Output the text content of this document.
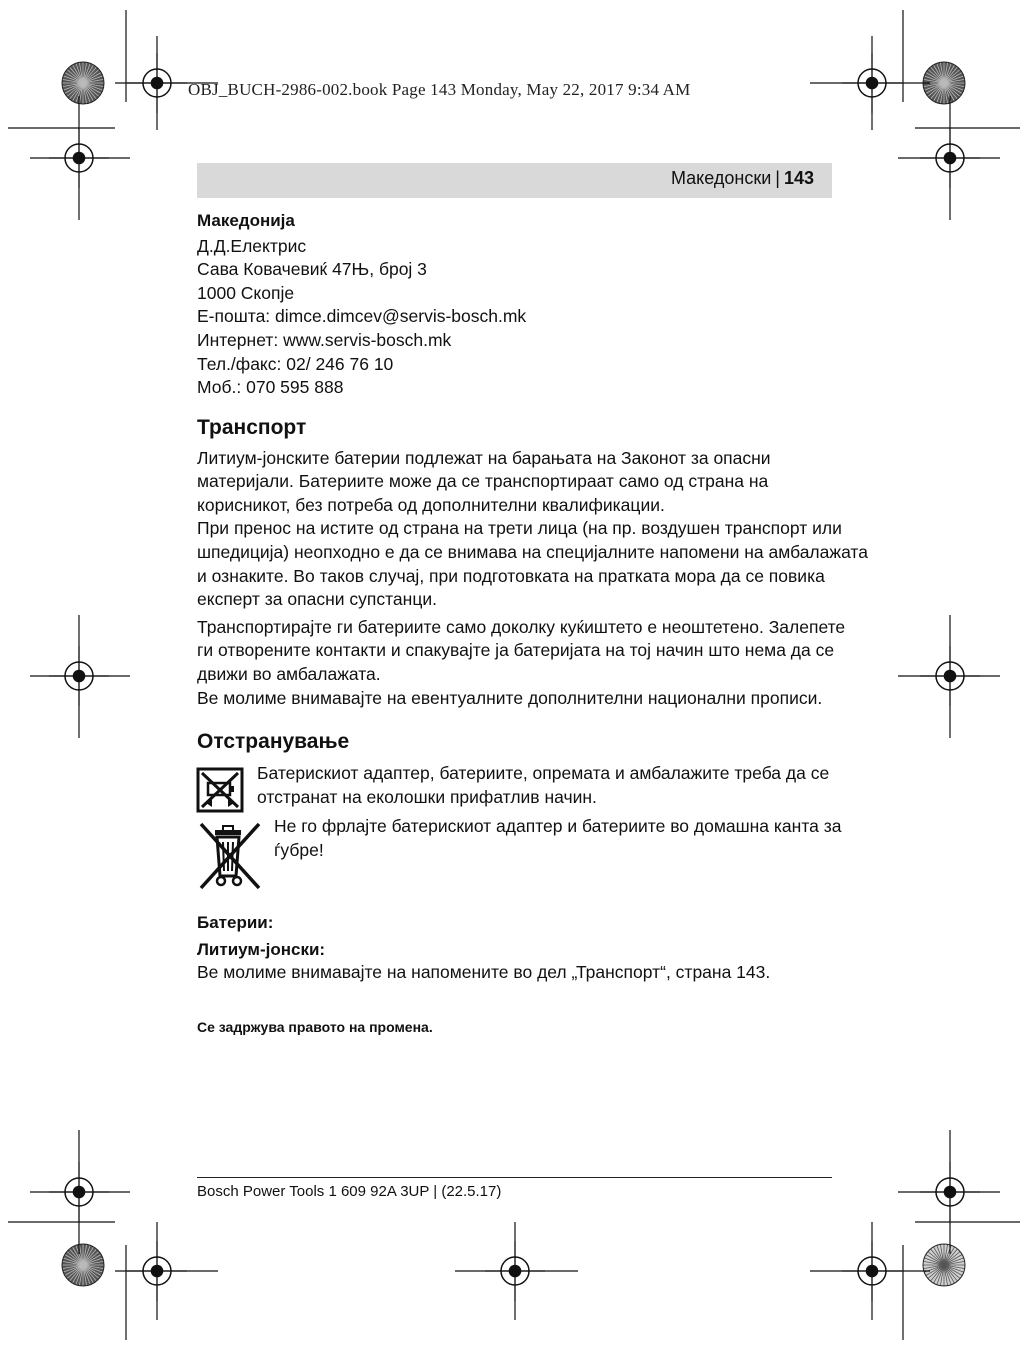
OBJ_BUCH-2986-002.book Page 143 Monday, May 22, 2017 9:34 AM
Македонски | 143
Македонија
Д.Д.Електрис
Сава Ковачевиќ 47Њ, број 3
1000 Скопје
Е-пошта: dimce.dimcev@servis-bosch.mk
Интернет: www.servis-bosch.mk
Тел./факс: 02/ 246 76 10
Моб.: 070 595 888
Транспорт
Литиум-јонските батерии подлежат на барањата на Законот за опасни
материјали. Батериите може да се транспортираат само од страна на
корисникот, без потреба од дополнителни квалификации.
При пренос на истите од страна на трети лица (на пр. воздушен транспорт или
шпедиција) неопходно е да се внимава на специјалните напомени на амбалажата
и ознаките. Во таков случај, при подготовката на пратката мора да се повика
експерт за опасни супстанци.
Транспортирајте ги батериите само доколку куќиштето е неоштетено. Залепете
ги отворените контакти и спакувајте ја батеријата на тој начин што нема да се
движи во амбалажата.
Ве молиме внимавајте на евентуалните дополнителни национални прописи.
Отстранување
Батерискиот адаптер, батериите, опремата и амбалажите треба да се
отстранат на еколошки прифатлив начин.
Не го фрлајте батерискиот адаптер и батериите во домашна канта за
ѓубре!
Батерии:
Литиум-јонски:
Ве молиме внимавајте на напомените во дел „Транспорт“, страна 143.
Се задржува правото на промена.
Bosch Power Tools 1 609 92A 3UP | (22.5.17)
